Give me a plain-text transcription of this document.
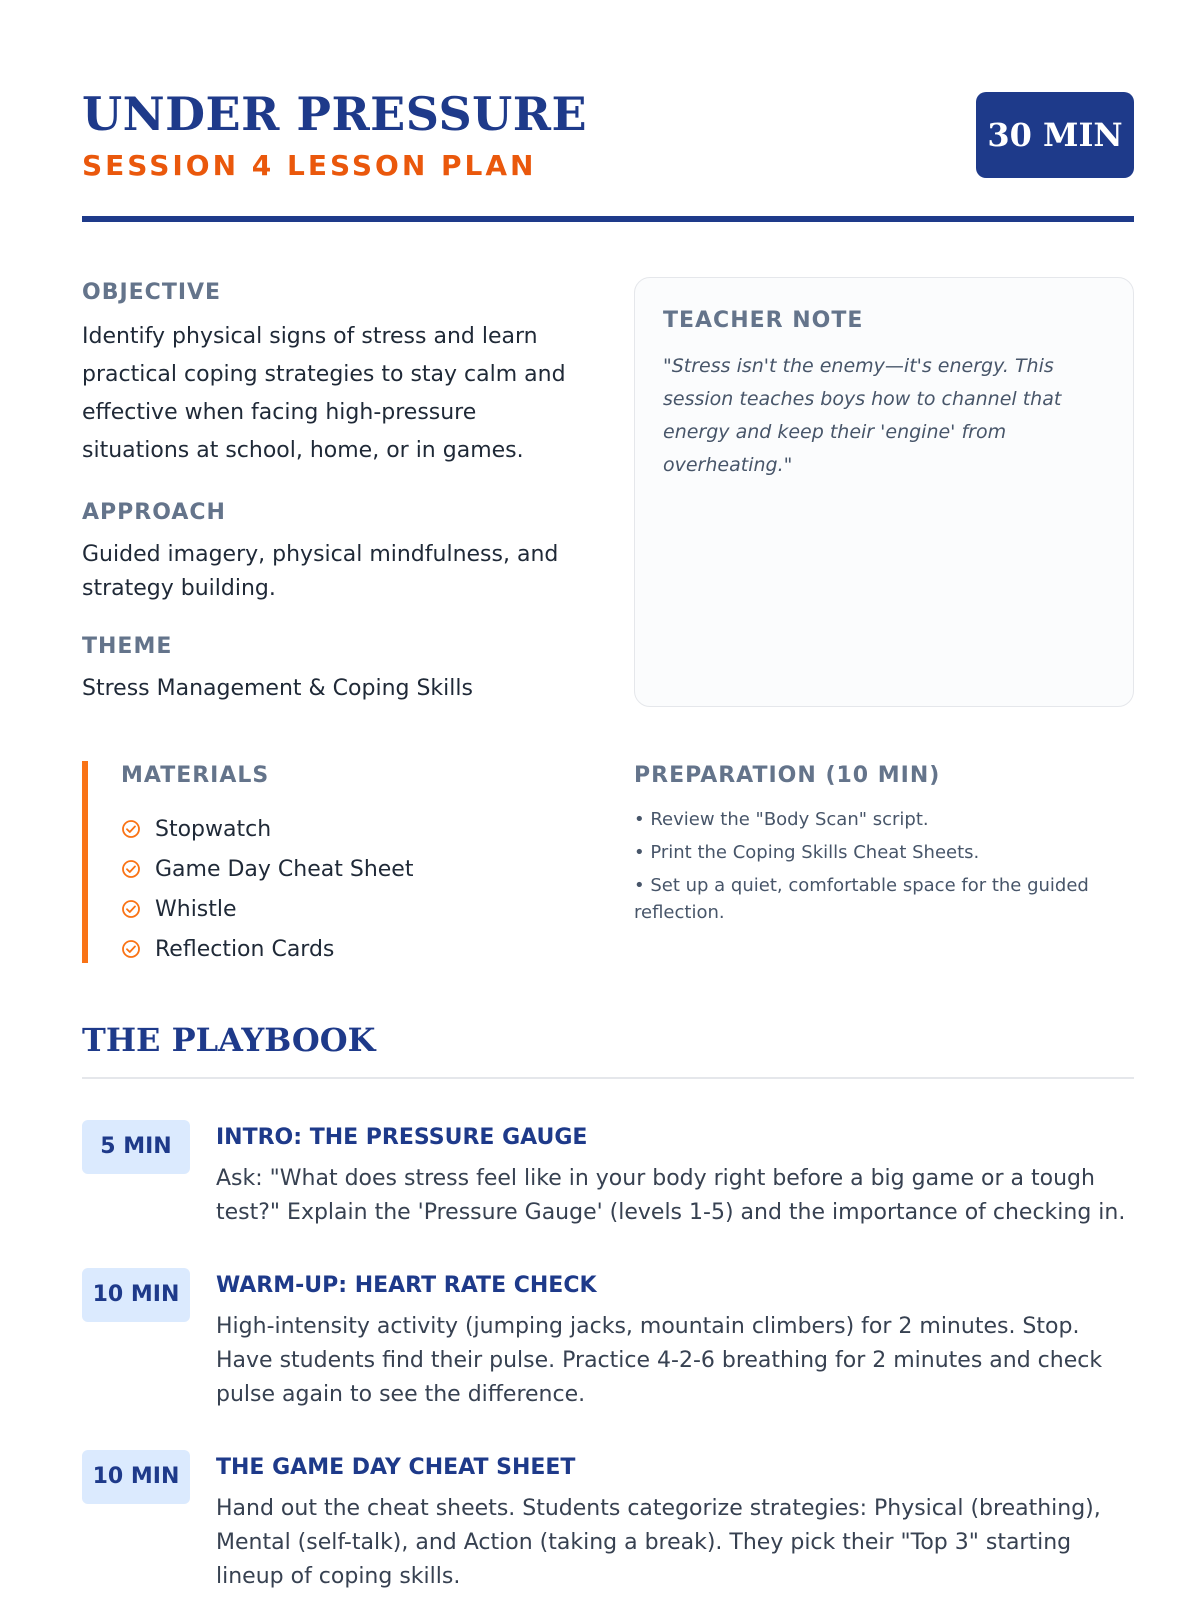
UNDER PRESSURE
SESSION 4 LESSON PLAN
30 MIN
OBJECTIVE

Identify physical signs of stress and learn practical coping strategies to stay calm and effective when facing high-pressure situations at school, home, or in games.

APPROACH

Guided imagery, physical mindfulness, and strategy building.

THEME

Stress Management & Coping Skills

TEACHER NOTE

"Stress isn't the enemy—it's energy. This session teaches boys how to channel that energy and keep their 'engine' from overheating."

MATERIALS
Stopwatch
Game Day Cheat Sheet
Whistle
Reflection Cards
PREPARATION (10 MIN)
• Review the "Body Scan" script.
• Print the Coping Skills Cheat Sheets.
• Set up a quiet, comfortable space for the guided reflection.
THE PLAYBOOK
5 MIN	INTRO: THE PRESSURE GAUGE

Ask: "What does stress feel like in your body right before a big game or a tough test?" Explain the 'Pressure Gauge' (levels 1-5) and the importance of checking in.

10 MIN	WARM-UP: HEART RATE CHECK

High-intensity activity (jumping jacks, mountain climbers) for 2 minutes. Stop. Have students find their pulse. Practice 4-2-6 breathing for 2 minutes and check pulse again to see the difference.

10 MIN	THE GAME DAY CHEAT SHEET

Hand out the cheat sheets. Students categorize strategies: Physical (breathing), Mental (self-talk), and Action (taking a break). They pick their "Top 3" starting lineup of coping skills.
